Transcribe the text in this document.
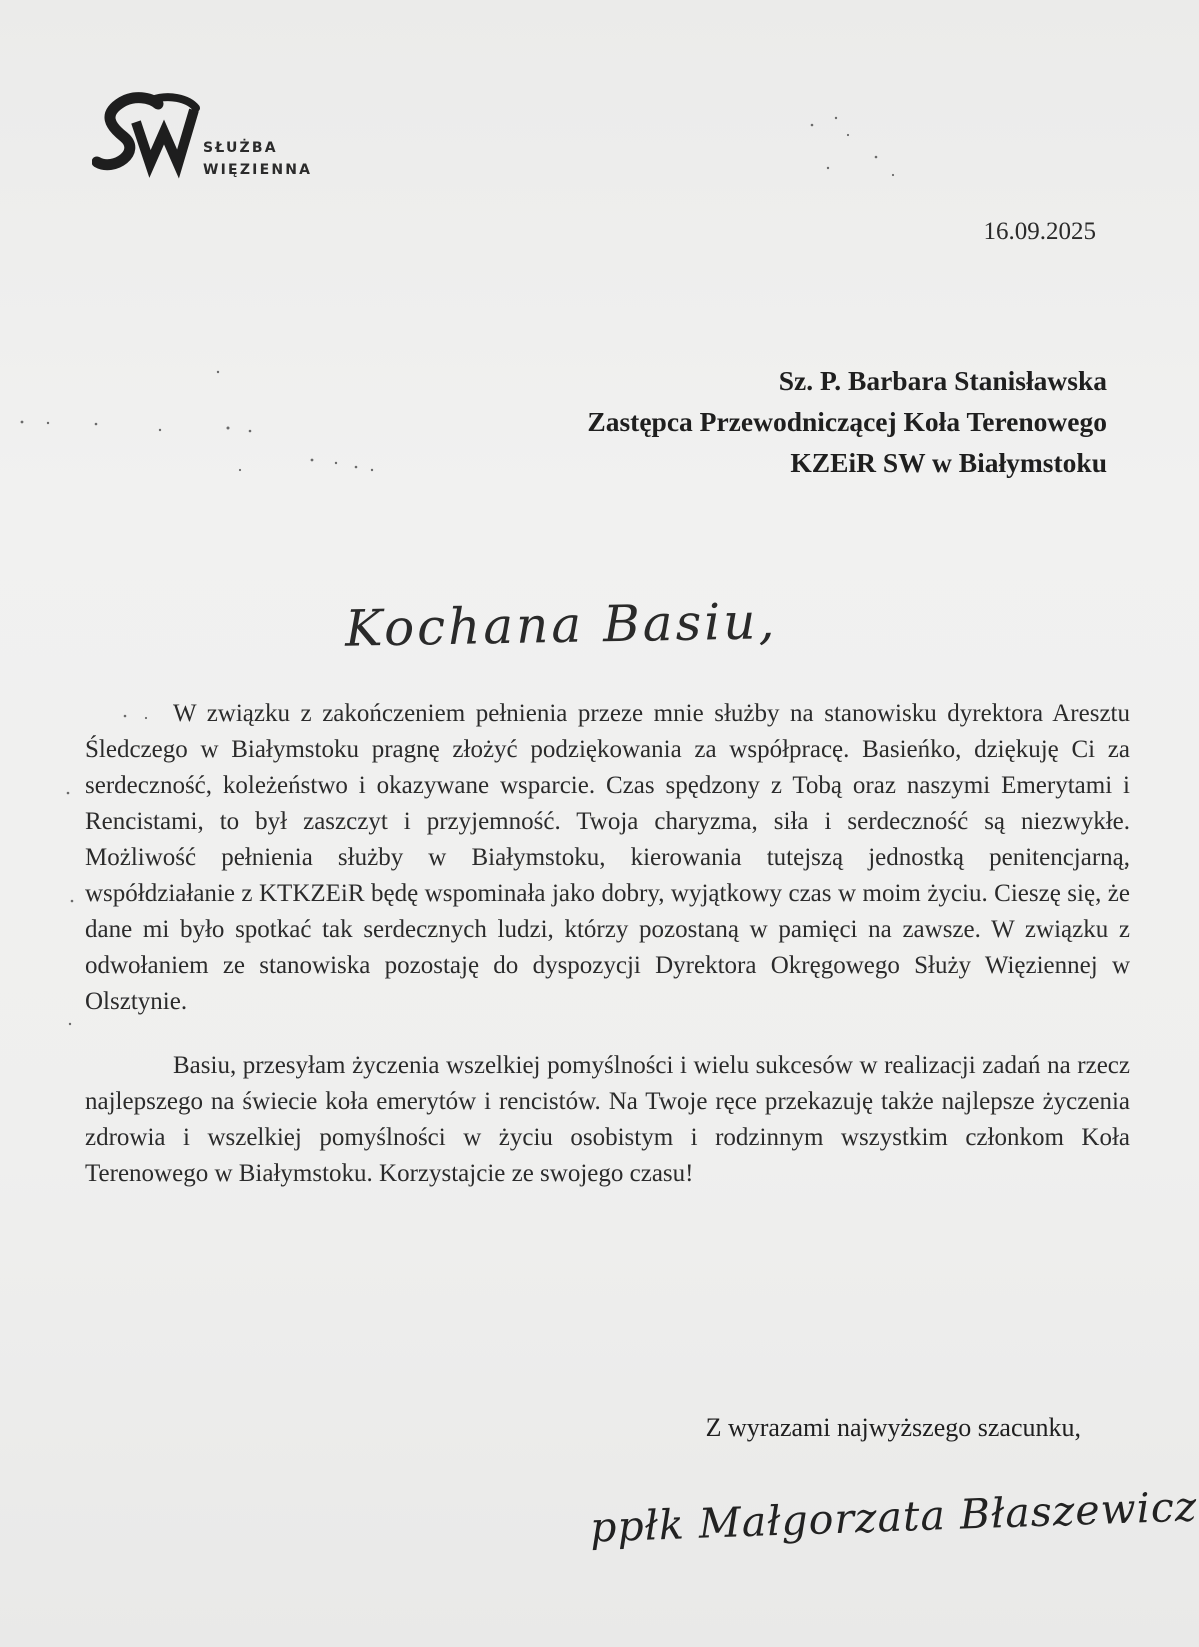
SŁUŻBA
WIĘZIENNA
16.09.2025
Sz. P. Barbara Stanisławska
Zastępca Przewodniczącej Koła Terenowego
KZEiR SW w Białymstoku
Kochana Basiu,

W związku z zakończeniem pełnienia przeze mnie służby na stanowisku dyrektora Aresztu Śledczego w Białymstoku pragnę złożyć podziękowania za współpracę. Basieńko, dziękuję Ci za serdeczność, koleżeństwo i okazywane wsparcie. Czas spędzony z Tobą oraz naszymi Emerytami i Rencistami, to był zaszczyt i przyjemność. Twoja charyzma, siła i serdeczność są niezwykłe. Możliwość pełnienia służby w Białymstoku, kierowania tutejszą jednostką penitencjarną, współdziałanie z KTKZEiR będę wspominała jako dobry, wyjątkowy czas w moim życiu. Cieszę się, że dane mi było spotkać tak serdecznych ludzi, którzy pozostaną w pamięci na zawsze. W związku z odwołaniem ze stanowiska pozostaję do dyspozycji Dyrektora Okręgowego Służy Więziennej w Olsztynie.

Basiu, przesyłam życzenia wszelkiej pomyślności i wielu sukcesów w realizacji zadań na rzecz najlepszego na świecie koła emerytów i rencistów. Na Twoje ręce przekazuję także najlepsze życzenia zdrowia i wszelkiej pomyślności w życiu osobistym i rodzinnym wszystkim członkom Koła Terenowego w Białymstoku. Korzystajcie ze swojego czasu!

Z wyrazami najwyższego szacunku,
ppłk Małgorzata Błaszewicz
